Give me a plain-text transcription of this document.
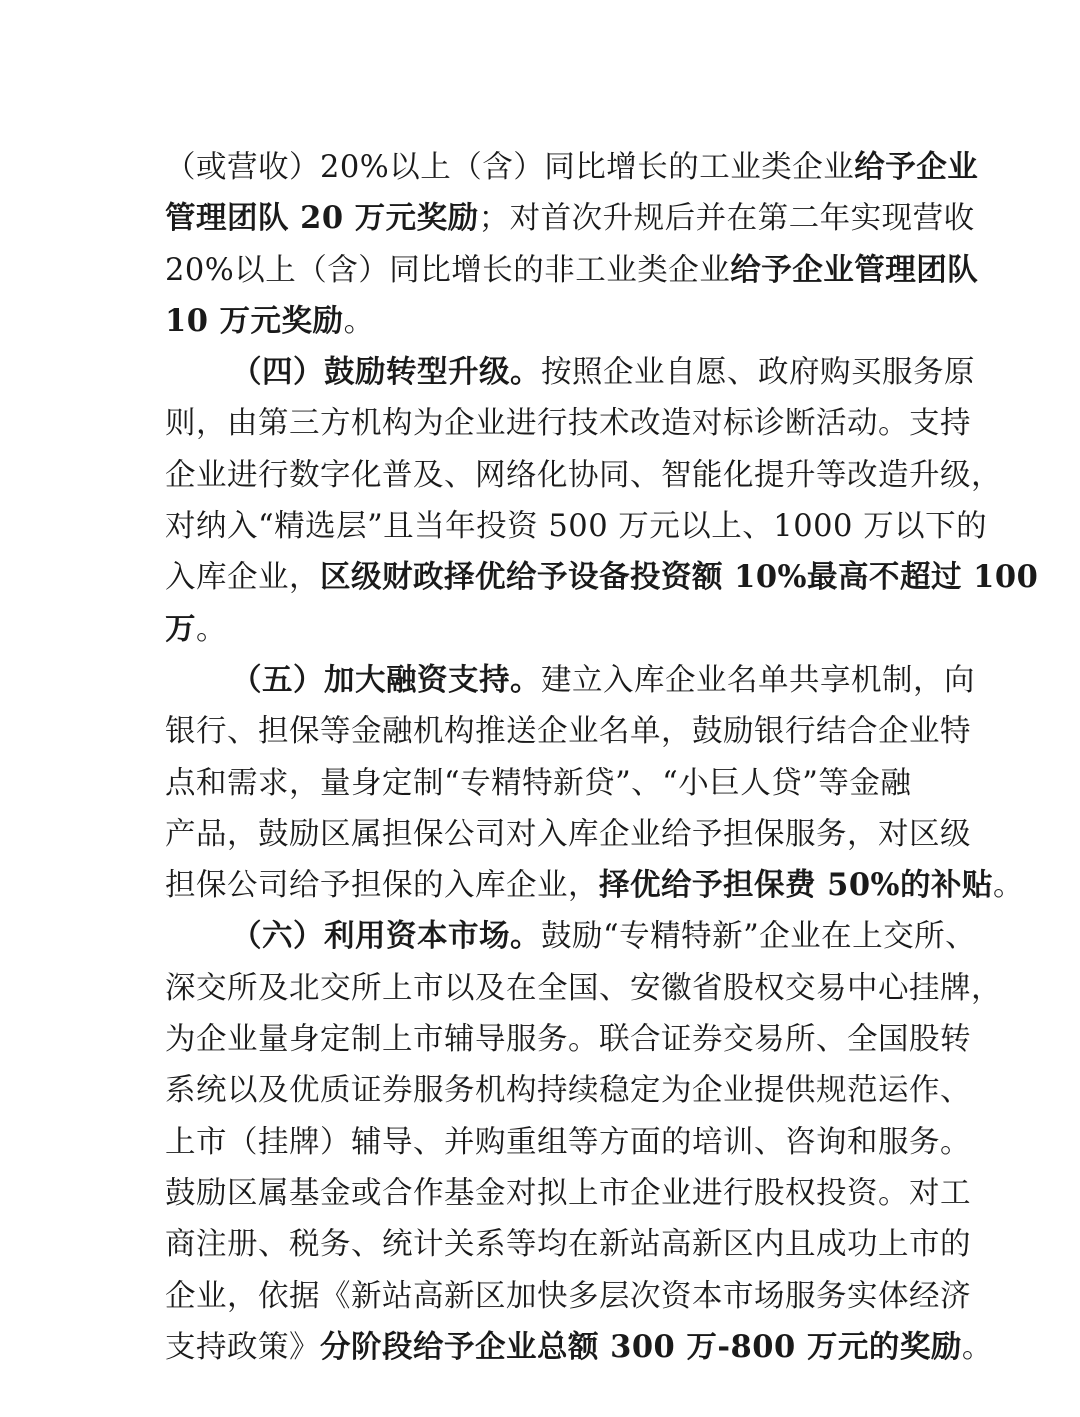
（或营收）20%以上（含）同比增长的工业类企业给予企业
管理团队 20 万元奖励；对首次升规后并在第二年实现营收
20%以上（含）同比增长的非工业类企业给予企业管理团队
10 万元奖励。
（四）鼓励转型升级。按照企业自愿、政府购买服务原
则，由第三方机构为企业进行技术改造对标诊断活动。支持
企业进行数字化普及、网络化协同、智能化提升等改造升级，
对纳入“精选层”且当年投资 500 万元以上、1000 万以下的
入库企业，区级财政择优给予设备投资额 10%最高不超过 100
万。
（五）加大融资支持。建立入库企业名单共享机制，向
银行、担保等金融机构推送企业名单，鼓励银行结合企业特
点和需求，量身定制“专精特新贷”、“小巨人贷”等金融
产品，鼓励区属担保公司对入库企业给予担保服务，对区级
担保公司给予担保的入库企业，择优给予担保费 50%的补贴。
（六）利用资本市场。鼓励“专精特新”企业在上交所、
深交所及北交所上市以及在全国、安徽省股权交易中心挂牌，
为企业量身定制上市辅导服务。联合证券交易所、全国股转
系统以及优质证券服务机构持续稳定为企业提供规范运作、
上市（挂牌）辅导、并购重组等方面的培训、咨询和服务。
鼓励区属基金或合作基金对拟上市企业进行股权投资。对工
商注册、税务、统计关系等均在新站高新区内且成功上市的
企业，依据《新站高新区加快多层次资本市场服务实体经济
支持政策》分阶段给予企业总额 300 万-800 万元的奖励。
